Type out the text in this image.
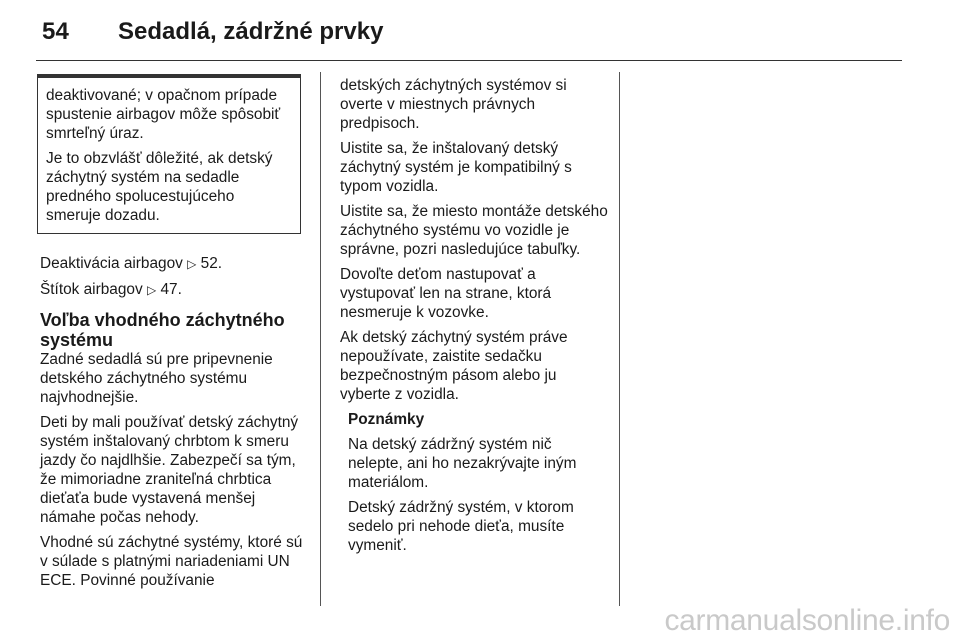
54 Sedadlá, zádržné prvky

deaktivované; v opačnom prípade spustenie airbagov môže spôsobiť smrteľný úraz.

Je to obzvlášť dôležité, ak detský záchytný systém na sedadle predného spolucestujúceho smeruje dozadu.

Deaktivácia airbagov ▷ 52.

Štítok airbagov ▷ 47.

Voľba vhodného záchytného systému

Zadné sedadlá sú pre pripevnenie detského záchytného systému najvhodnejšie.

Deti by mali používať detský záchytný systém inštalovaný chrbtom k smeru jazdy čo najdlhšie. Zabezpečí sa tým, že mimoriadne zraniteľná chrbtica dieťaťa bude vystavená menšej námahe počas nehody.

Vhodné sú záchytné systémy, ktoré sú v súlade s platnými nariadeniami UN ECE. Povinné používanie

detských záchytných systémov si overte v miestnych právnych predpisoch.

Uistite sa, že inštalovaný detský záchytný systém je kompatibilný s typom vozidla.

Uistite sa, že miesto montáže detského záchytného systému vo vozidle je správne, pozri nasledujúce tabuľky.

Dovoľte deťom nastupovať a vystupovať len na strane, ktorá nesmeruje k vozovke.

Ak detský záchytný systém práve nepoužívate, zaistite sedačku bezpečnostným pásom alebo ju vyberte z vozidla.

Poznámky

Na detský zádržný systém nič nelepte, ani ho nezakrývajte iným materiálom.

Detský zádržný systém, v ktorom sedelo pri nehode dieťa, musíte vymeniť.

carmanualsonline.info
